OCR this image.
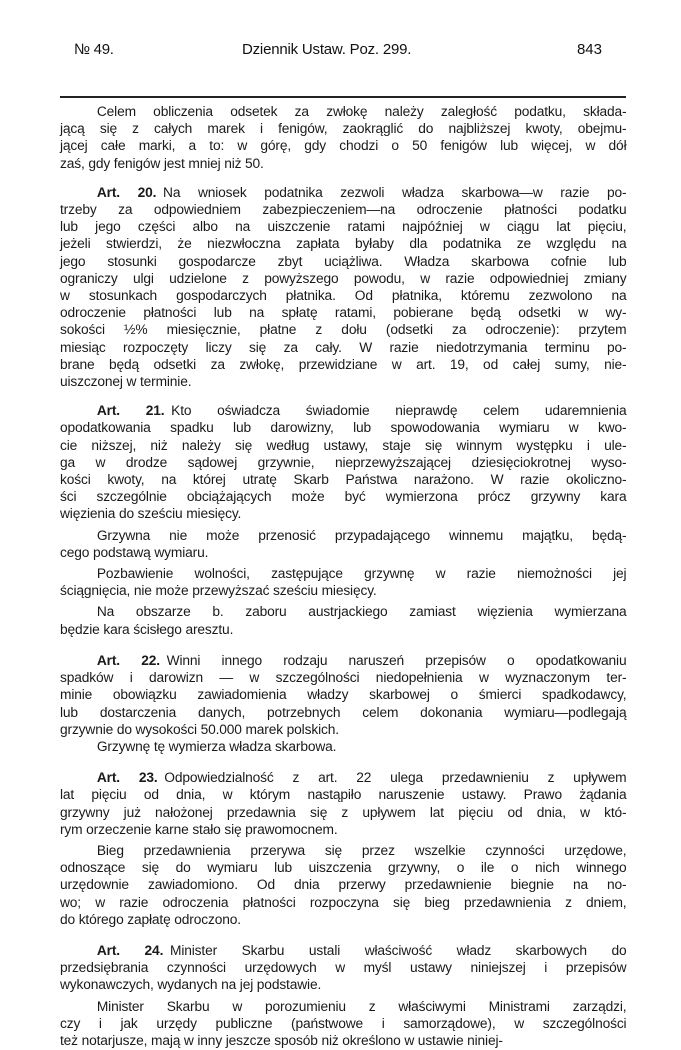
№ 49.	Dziennik Ustaw. Poz. 299.	843
Celem obliczenia odsetek za zwłokę należy zaległość podatku, składa-
jącą się z całych marek i fenigów, zaokrąglić do najbliższej kwoty, obejmu-
jącej całe marki, a to: w górę, gdy chodzi o 50 fenigów lub więcej, w dół
zaś, gdy fenigów jest mniej niż 50.
Art. 20.  Na wniosek podatnika zezwoli władza skarbowa—w razie po-
trzeby za odpowiedniem zabezpieczeniem—na odroczenie płatności podatku
lub jego części albo na uiszczenie ratami najpóźniej w ciągu lat pięciu,
jeżeli stwierdzi, że niezwłoczna zapłata byłaby dla podatnika ze względu na
jego stosunki gospodarcze zbyt uciążliwa. Władza skarbowa cofnie lub
ograniczy ulgi udzielone z powyższego powodu, w razie odpowiedniej zmiany
w stosunkach gospodarczych płatnika. Od płatnika, któremu zezwolono na
odroczenie płatności lub na spłatę ratami, pobierane będą odsetki w wy-
sokości ½% miesięcznie, płatne z dołu (odsetki za odroczenie): przytem
miesiąc rozpoczęty liczy się za cały. W razie niedotrzymania terminu po-
brane będą odsetki za zwłokę, przewidziane w art. 19, od całej sumy, nie-
uiszczonej w terminie.
Art. 21.  Kto oświadcza świadomie nieprawdę celem udaremnienia
opodatkowania spadku lub darowizny, lub spowodowania wymiaru w kwo-
cie niższej, niż należy się według ustawy, staje się winnym występku i ule-
ga w drodze sądowej grzywnie, nieprzewyższającej dziesięciokrotnej wyso-
kości kwoty, na której utratę Skarb Państwa narażono. W razie okoliczno-
ści szczególnie obciążających może być wymierzona prócz grzywny kara
więzienia do sześciu miesięcy.
Grzywna nie może przenosić przypadającego winnemu majątku, będą-
cego podstawą wymiaru.
Pozbawienie wolności, zastępujące grzywnę w razie niemożności jej
ściągnięcia, nie może przewyższać sześciu miesięcy.
Na obszarze b. zaboru austrjackiego zamiast więzienia wymierzana
będzie kara ścisłego aresztu.
Art. 22.  Winni innego rodzaju naruszeń przepisów o opodatkowaniu
spadków i darowizn — w szczególności niedopełnienia w wyznaczonym ter-
minie obowiązku zawiadomienia władzy skarbowej o śmierci spadkodawcy,
lub dostarczenia danych, potrzebnych celem dokonania wymiaru—podlegają
grzywnie do wysokości 50.000 marek polskich.
Grzywnę tę wymierza władza skarbowa.
Art. 23.  Odpowiedzialność z art. 22 ulega przedawnieniu z upływem
lat pięciu od dnia, w którym nastąpiło naruszenie ustawy. Prawo żądania
grzywny już nałożonej przedawnia się z upływem lat pięciu od dnia, w któ-
rym orzeczenie karne stało się prawomocnem.
Bieg przedawnienia przerywa się przez wszelkie czynności urzędowe,
odnoszące się do wymiaru lub uiszczenia grzywny, o ile o nich winnego
urzędownie zawiadomiono. Od dnia przerwy przedawnienie biegnie na no-
wo; w razie odroczenia płatności rozpoczyna się bieg przedawnienia z dniem,
do którego zapłatę odroczono.
Art. 24.  Minister Skarbu ustali właściwość władz skarbowych do
przedsiębrania czynności urzędowych w myśl ustawy niniejszej i przepisów
wykonawczych, wydanych na jej podstawie.
Minister Skarbu w porozumieniu z właściwymi Ministrami zarządzi,
czy i jak urzędy publiczne (państwowe i samorządowe), w szczególności
też notarjusze, mają w inny jeszcze sposób niż określono w ustawie niniej-
